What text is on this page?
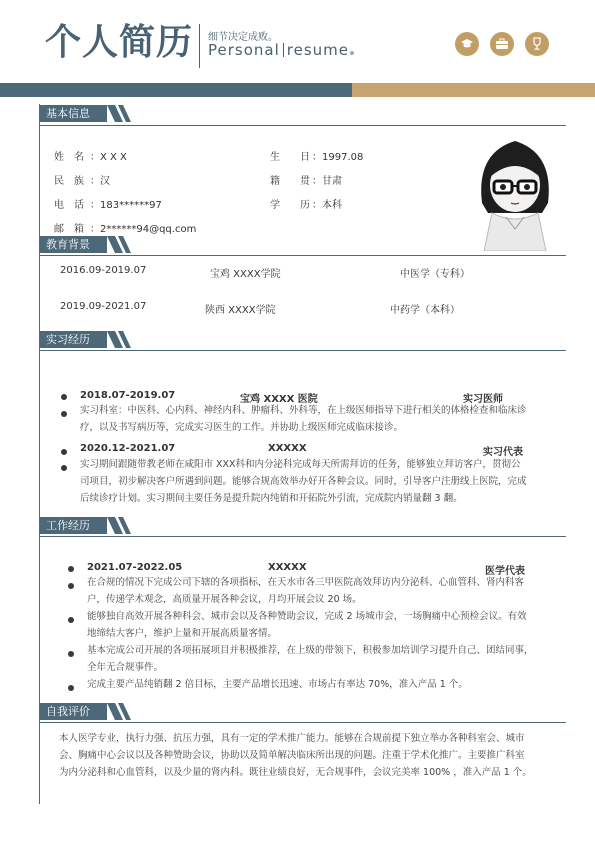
个人简历 细节决定成败。
Personal resume
基本信息
姓　名 ：X X X
民　族 ：汉
电　话 ：183******97
邮　箱 ：2******94@qq.com
生　　日 ：1997.08
籍　　贯 ：甘肃
学　　历 ：本科
教育背景
2016.09-2019.07	宝鸡 XXXX学院	中医学（专科）
2019.09-2021.07	陕西 XXXX学院	中药学（本科）
实习经历
2018.07-2019.07	宝鸡 XXXX 医院	实习医师
实习科室：中医科、心内科、神经内科、肿瘤科、外科等，在上级医师指导下进行相关的体格检查和临床诊
疗，以及书写病历等，完成实习医生的工作。并协助上级医师完成临床接诊。
2020.12-2021.07	XXXXX	实习代表
实习期间跟随带教老师在咸阳市 XXX科和内分泌科完成每天所需拜访的任务，能够独立拜访客户，贯彻公
司项目，初步解决客户所遇到问题。能够合规高效举办好开各种会议。同时，引导客户注册线上医院，完成
后续诊疗计划。实习期间主要任务是提升院内纯销和开拓院外引流，完成院内销量翻 3 翻。
工作经历
2021.07-2022.05	XXXXX	医学代表
在合规的情况下完成公司下辖的各项指标，在天水市各三甲医院高效拜访内分泌科、心血管科、肾内科客
户，传递学术观念，高质量开展各种会议，月均开展会议 20 场。
能够独自高效开展各种科会、城市会以及各种赞助会议，完成 2 场城市会，一场胸痛中心预检会议。有效
地缔结大客户，维护上量和开展高质量客情。
基本完成公司开展的各项拓展项目并积极推荐，在上级的带领下，积极参加培训学习提升自己、团结同事，
全年无合规事件。
完成主要产品纯销翻 2 倍目标，主要产品增长迅速、市场占有率达 70%，准入产品 1 个。
自我评价
本人医学专业，执行力强、抗压力强，具有一定的学术推广能力。能够在合规前提下独立举办各种科室会、城市
会、胸痛中心会议以及各种赞助会议，协助以及简单解决临床所出现的问题。注重于学术化推广。主要推广科室
为内分泌科和心血管科，以及少量的肾内科。既往业绩良好，无合规事件，会议完美率 100% ，准入产品 1 个。
